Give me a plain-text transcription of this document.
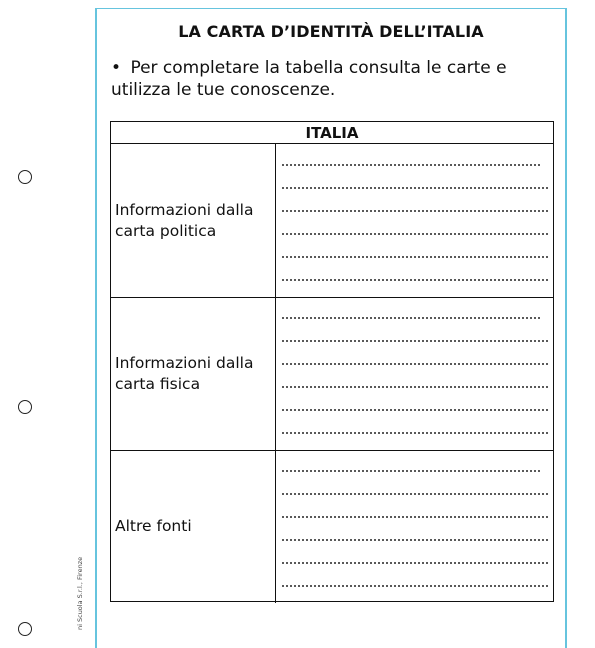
ni Scuola S.r.l., Firenze
LA CARTA D’IDENTITÀ DELL’ITALIA
• Per completare la tabella consulta le carte e utilizza le tue conoscenze.
ITALIA
Informazioni dalla carta politica
Informazioni dalla carta fisica
Altre fonti
